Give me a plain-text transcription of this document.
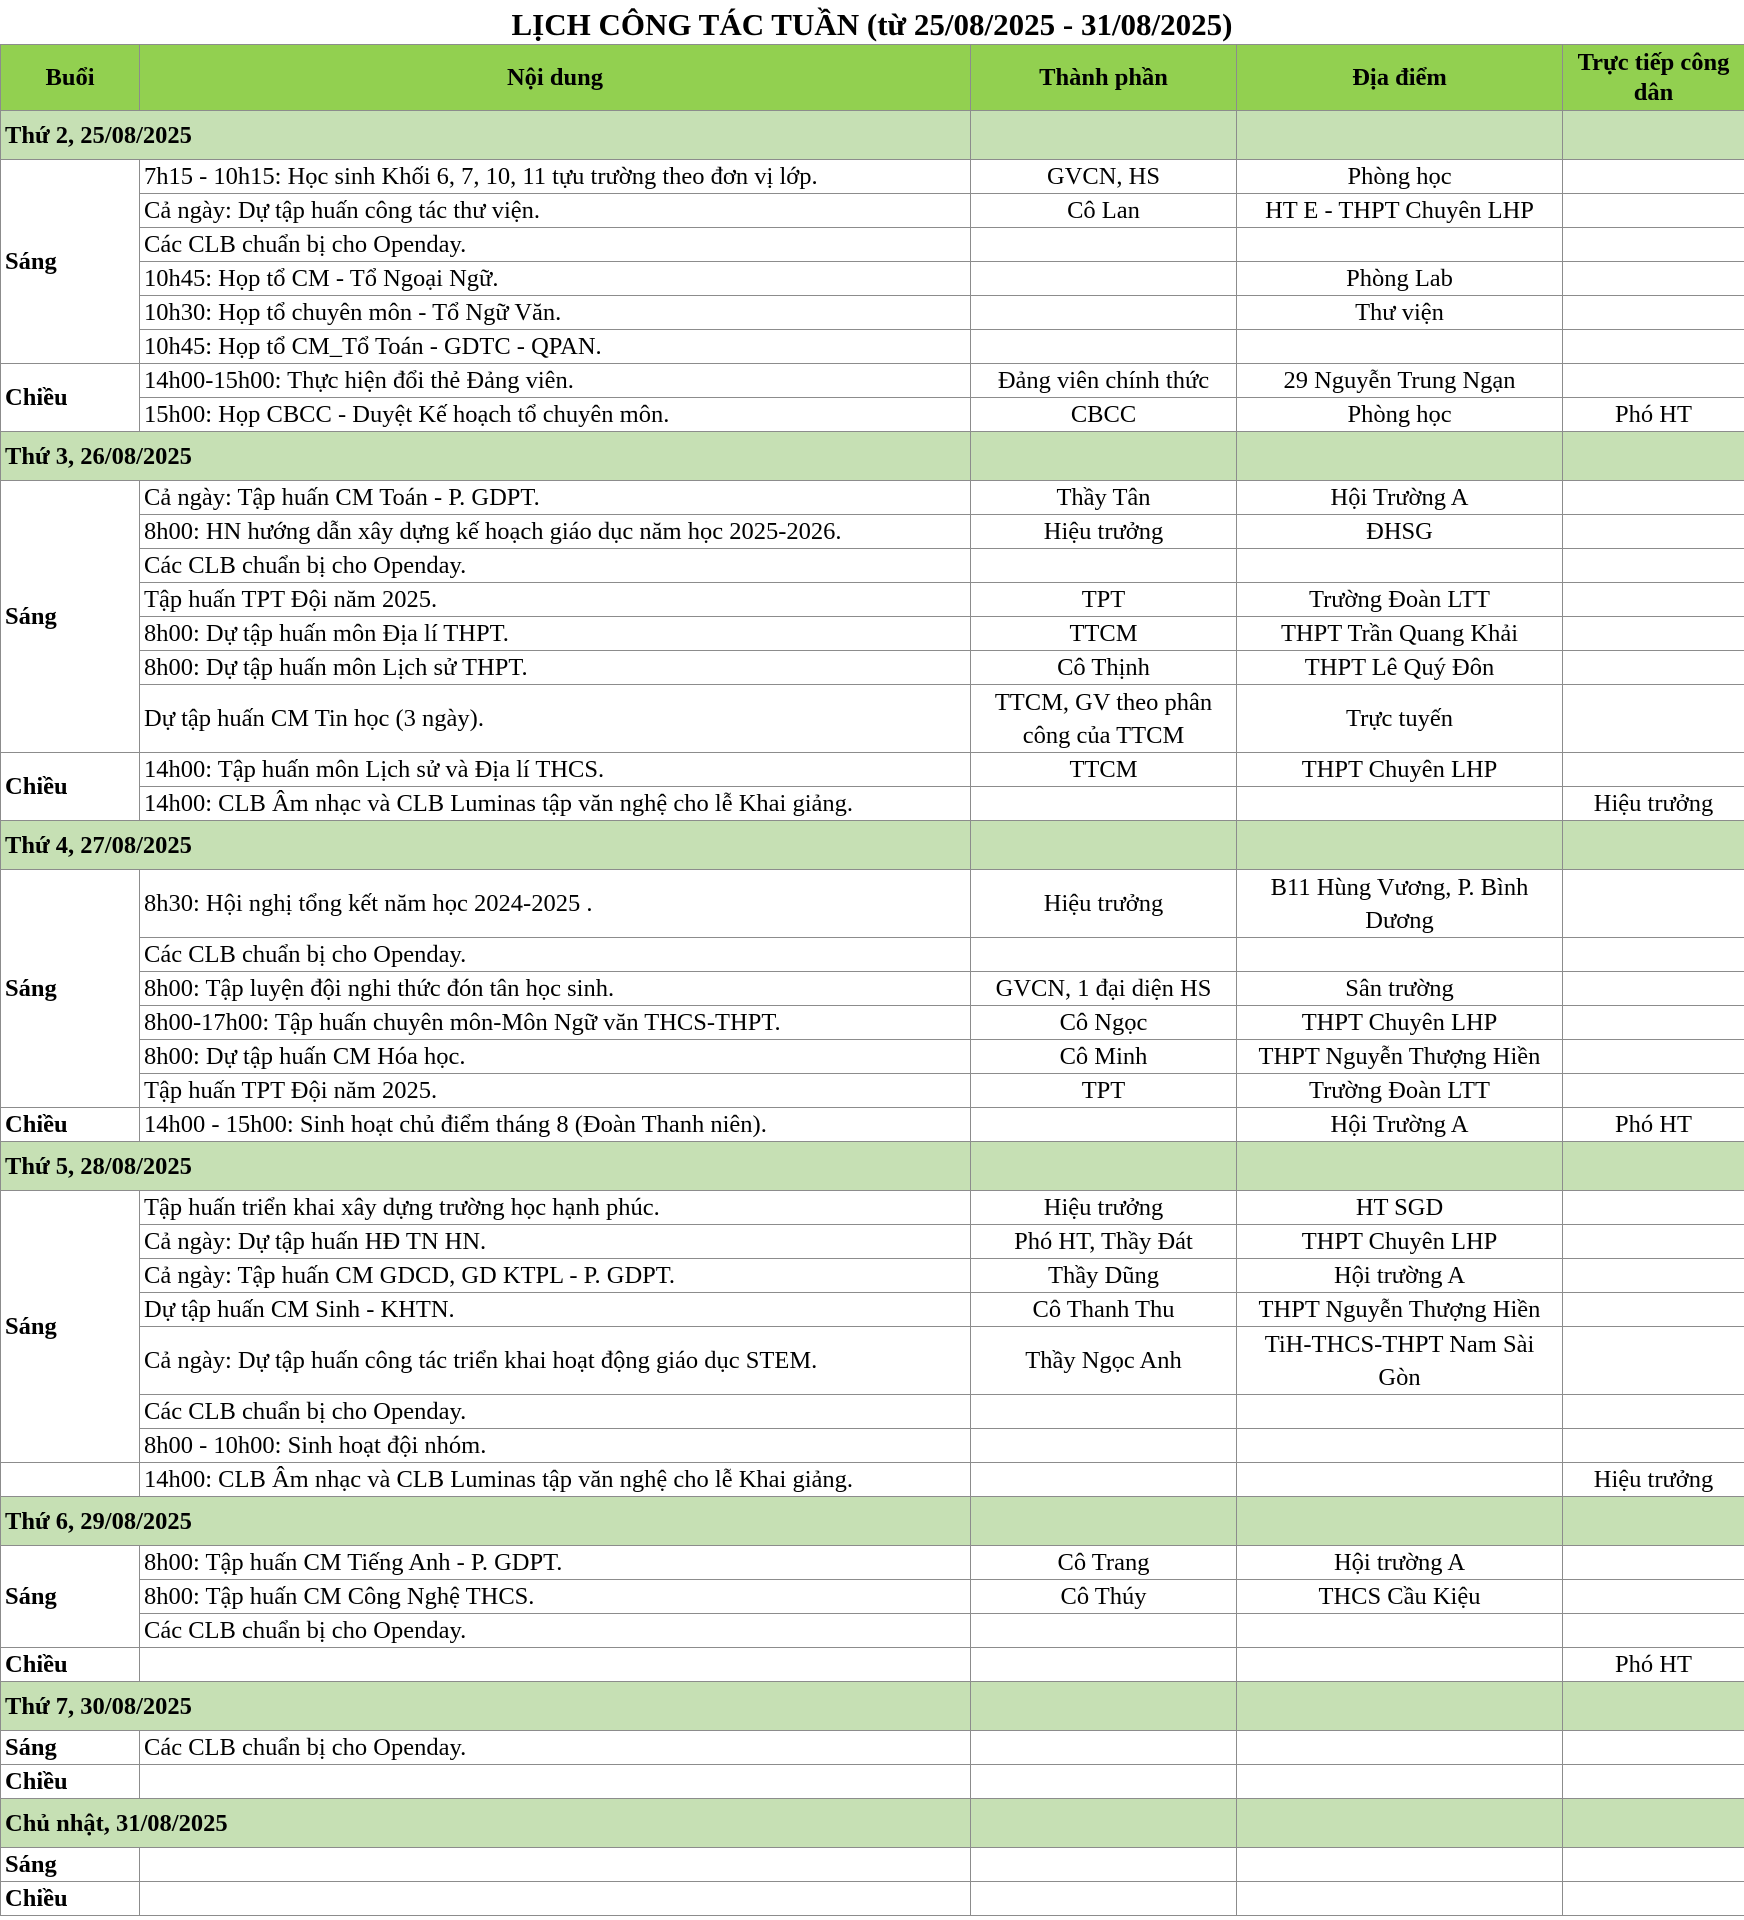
LỊCH CÔNG TÁC TUẦN (từ 25/08/2025 - 31/08/2025)
Buổi	Nội dung	Thành phần	Địa điểm	Trực tiếp công dân
Thứ 2, 25/08/2025				
Sáng	7h15 - 10h15: Học sinh Khối 6, 7, 10, 11 tựu trường theo đơn vị lớp.	GVCN, HS	Phòng học	
	Cả ngày: Dự tập huấn công tác thư viện.	Cô Lan	HT E - THPT Chuyên LHP	
	Các CLB chuẩn bị cho Openday.			
	10h45: Họp tổ CM - Tổ Ngoại Ngữ.		Phòng Lab	
	10h30: Họp tổ chuyên môn - Tổ Ngữ Văn.		Thư viện	
	10h45: Họp tổ CM_Tổ Toán - GDTC - QPAN.			
Chiều	14h00-15h00: Thực hiện đổi thẻ Đảng viên.	Đảng viên chính thức	29 Nguyễn Trung Ngạn	
	15h00: Họp CBCC - Duyệt Kế hoạch tổ chuyên môn.	CBCC	Phòng học	Phó HT
Thứ 3, 26/08/2025				
Sáng	Cả ngày: Tập huấn CM Toán - P. GDPT.	Thầy Tân	Hội Trường A	
	8h00: HN hướng dẫn xây dựng kế hoạch giáo dục năm học 2025-2026.	Hiệu trưởng	ĐHSG	
	Các CLB chuẩn bị cho Openday.			
	Tập huấn TPT Đội năm 2025.	TPT	Trường Đoàn LTT	
	8h00: Dự tập huấn môn Địa lí THPT.	TTCM	THPT Trần Quang Khải	
	8h00: Dự tập huấn môn Lịch sử THPT.	Cô Thịnh	THPT Lê Quý Đôn	
	Dự tập huấn CM Tin học (3 ngày).	TTCM, GV theo phân công của TTCM	Trực tuyến	
Chiều	14h00: Tập huấn môn Lịch sử và Địa lí THCS.	TTCM	THPT Chuyên LHP	
	14h00: CLB Âm nhạc và CLB Luminas tập văn nghệ cho lễ Khai giảng.			Hiệu trưởng
Thứ 4, 27/08/2025				
Sáng	8h30: Hội nghị tổng kết năm học 2024-2025 .	Hiệu trưởng	B11 Hùng Vương, P. Bình Dương	
	Các CLB chuẩn bị cho Openday.			
	8h00: Tập luyện đội nghi thức đón tân học sinh.	GVCN, 1 đại diện HS	Sân trường	
	8h00-17h00: Tập huấn chuyên môn-Môn Ngữ văn THCS-THPT.	Cô Ngọc	THPT Chuyên LHP	
	8h00: Dự tập huấn CM Hóa học.	Cô Minh	THPT Nguyễn Thượng Hiền	
	Tập huấn TPT Đội năm 2025.	TPT	Trường Đoàn LTT	
Chiều	14h00 - 15h00: Sinh hoạt chủ điểm tháng 8 (Đoàn Thanh niên).		Hội Trường A	Phó HT
Thứ 5, 28/08/2025				
Sáng	Tập huấn triển khai xây dựng trường học hạnh phúc.	Hiệu trưởng	HT SGD	
	Cả ngày: Dự tập huấn HĐ TN HN.	Phó HT, Thầy Đát	THPT Chuyên LHP	
	Cả ngày: Tập huấn CM GDCD, GD KTPL - P. GDPT.	Thầy Dũng	Hội trường A	
	Dự tập huấn CM Sinh - KHTN.	Cô Thanh Thu	THPT Nguyễn Thượng Hiền	
	Cả ngày: Dự tập huấn công tác triển khai hoạt động giáo dục STEM.	Thầy Ngọc Anh	TiH-THCS-THPT Nam Sài Gòn	
	Các CLB chuẩn bị cho Openday.			
	8h00 - 10h00: Sinh hoạt đội nhóm.			
	14h00: CLB Âm nhạc và CLB Luminas tập văn nghệ cho lễ Khai giảng.			Hiệu trưởng
Thứ 6, 29/08/2025				
Sáng	8h00: Tập huấn CM Tiếng Anh - P. GDPT.	Cô Trang	Hội trường A	
	8h00: Tập huấn CM Công Nghệ THCS.	Cô Thúy	THCS Cầu Kiệu	
	Các CLB chuẩn bị cho Openday.			
Chiều				Phó HT
Thứ 7, 30/08/2025				
Sáng	Các CLB chuẩn bị cho Openday.			
Chiều				
Chủ nhật, 31/08/2025				
Sáng				
Chiều				
